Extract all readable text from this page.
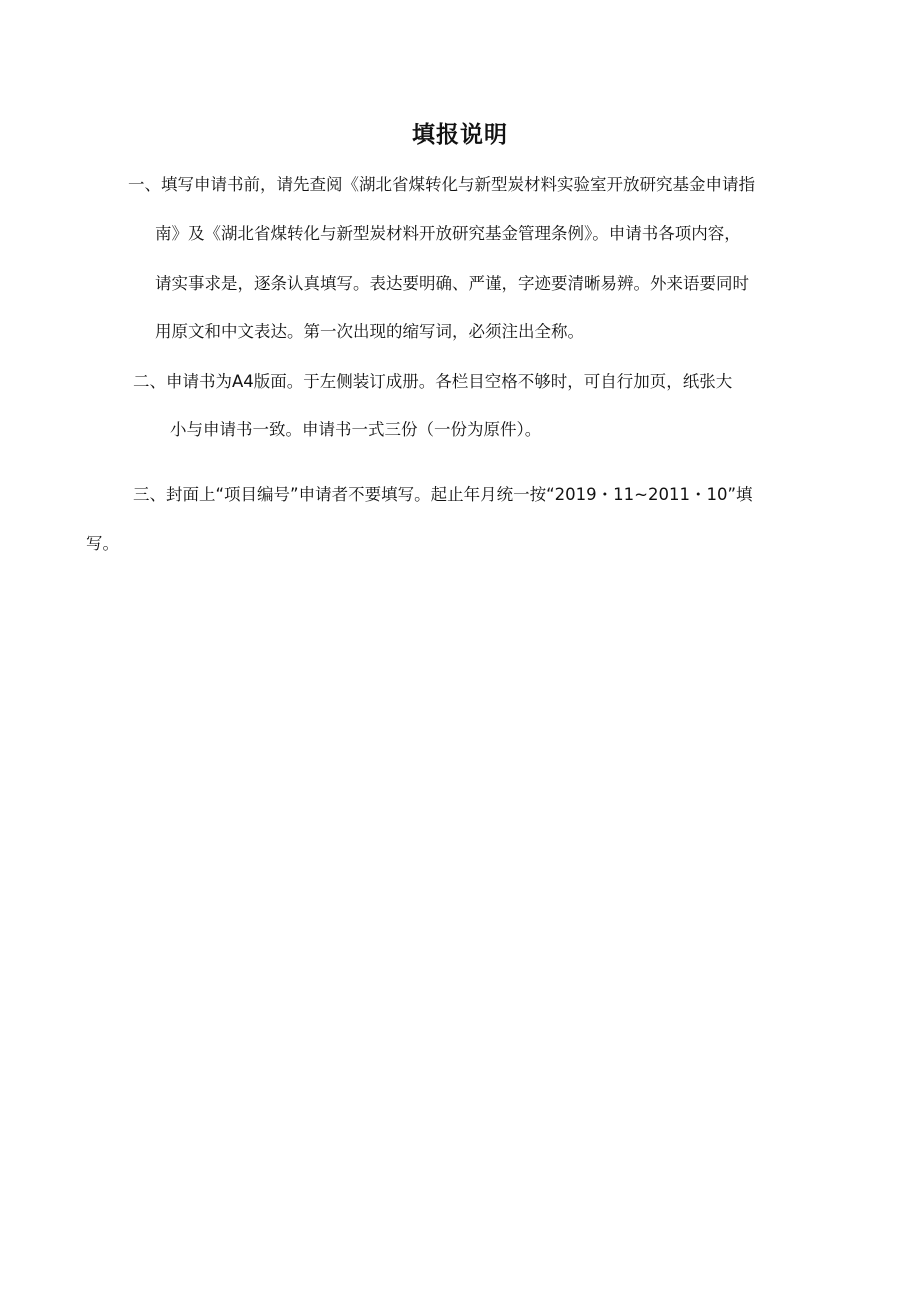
填报说明

一、填写申请书前，请先查阅《湖北省煤转化与新型炭材料实验室开放研究基金申请指

南》及《湖北省煤转化与新型炭材料开放研究基金管理条例》。申请书各项内容，

请实事求是，逐条认真填写。表达要明确、严谨，字迹要清晰易辨。外来语要同时

用原文和中文表达。第一次出现的缩写词，必须注出全称。

二、申请书为A4版面。于左侧装订成册。各栏目空格不够时，可自行加页，纸张大

小与申请书一致。申请书一式三份（一份为原件）。

三、封面上“项目编号”申请者不要填写。起止年月统一按“2019・11~2011・10”填

写。
